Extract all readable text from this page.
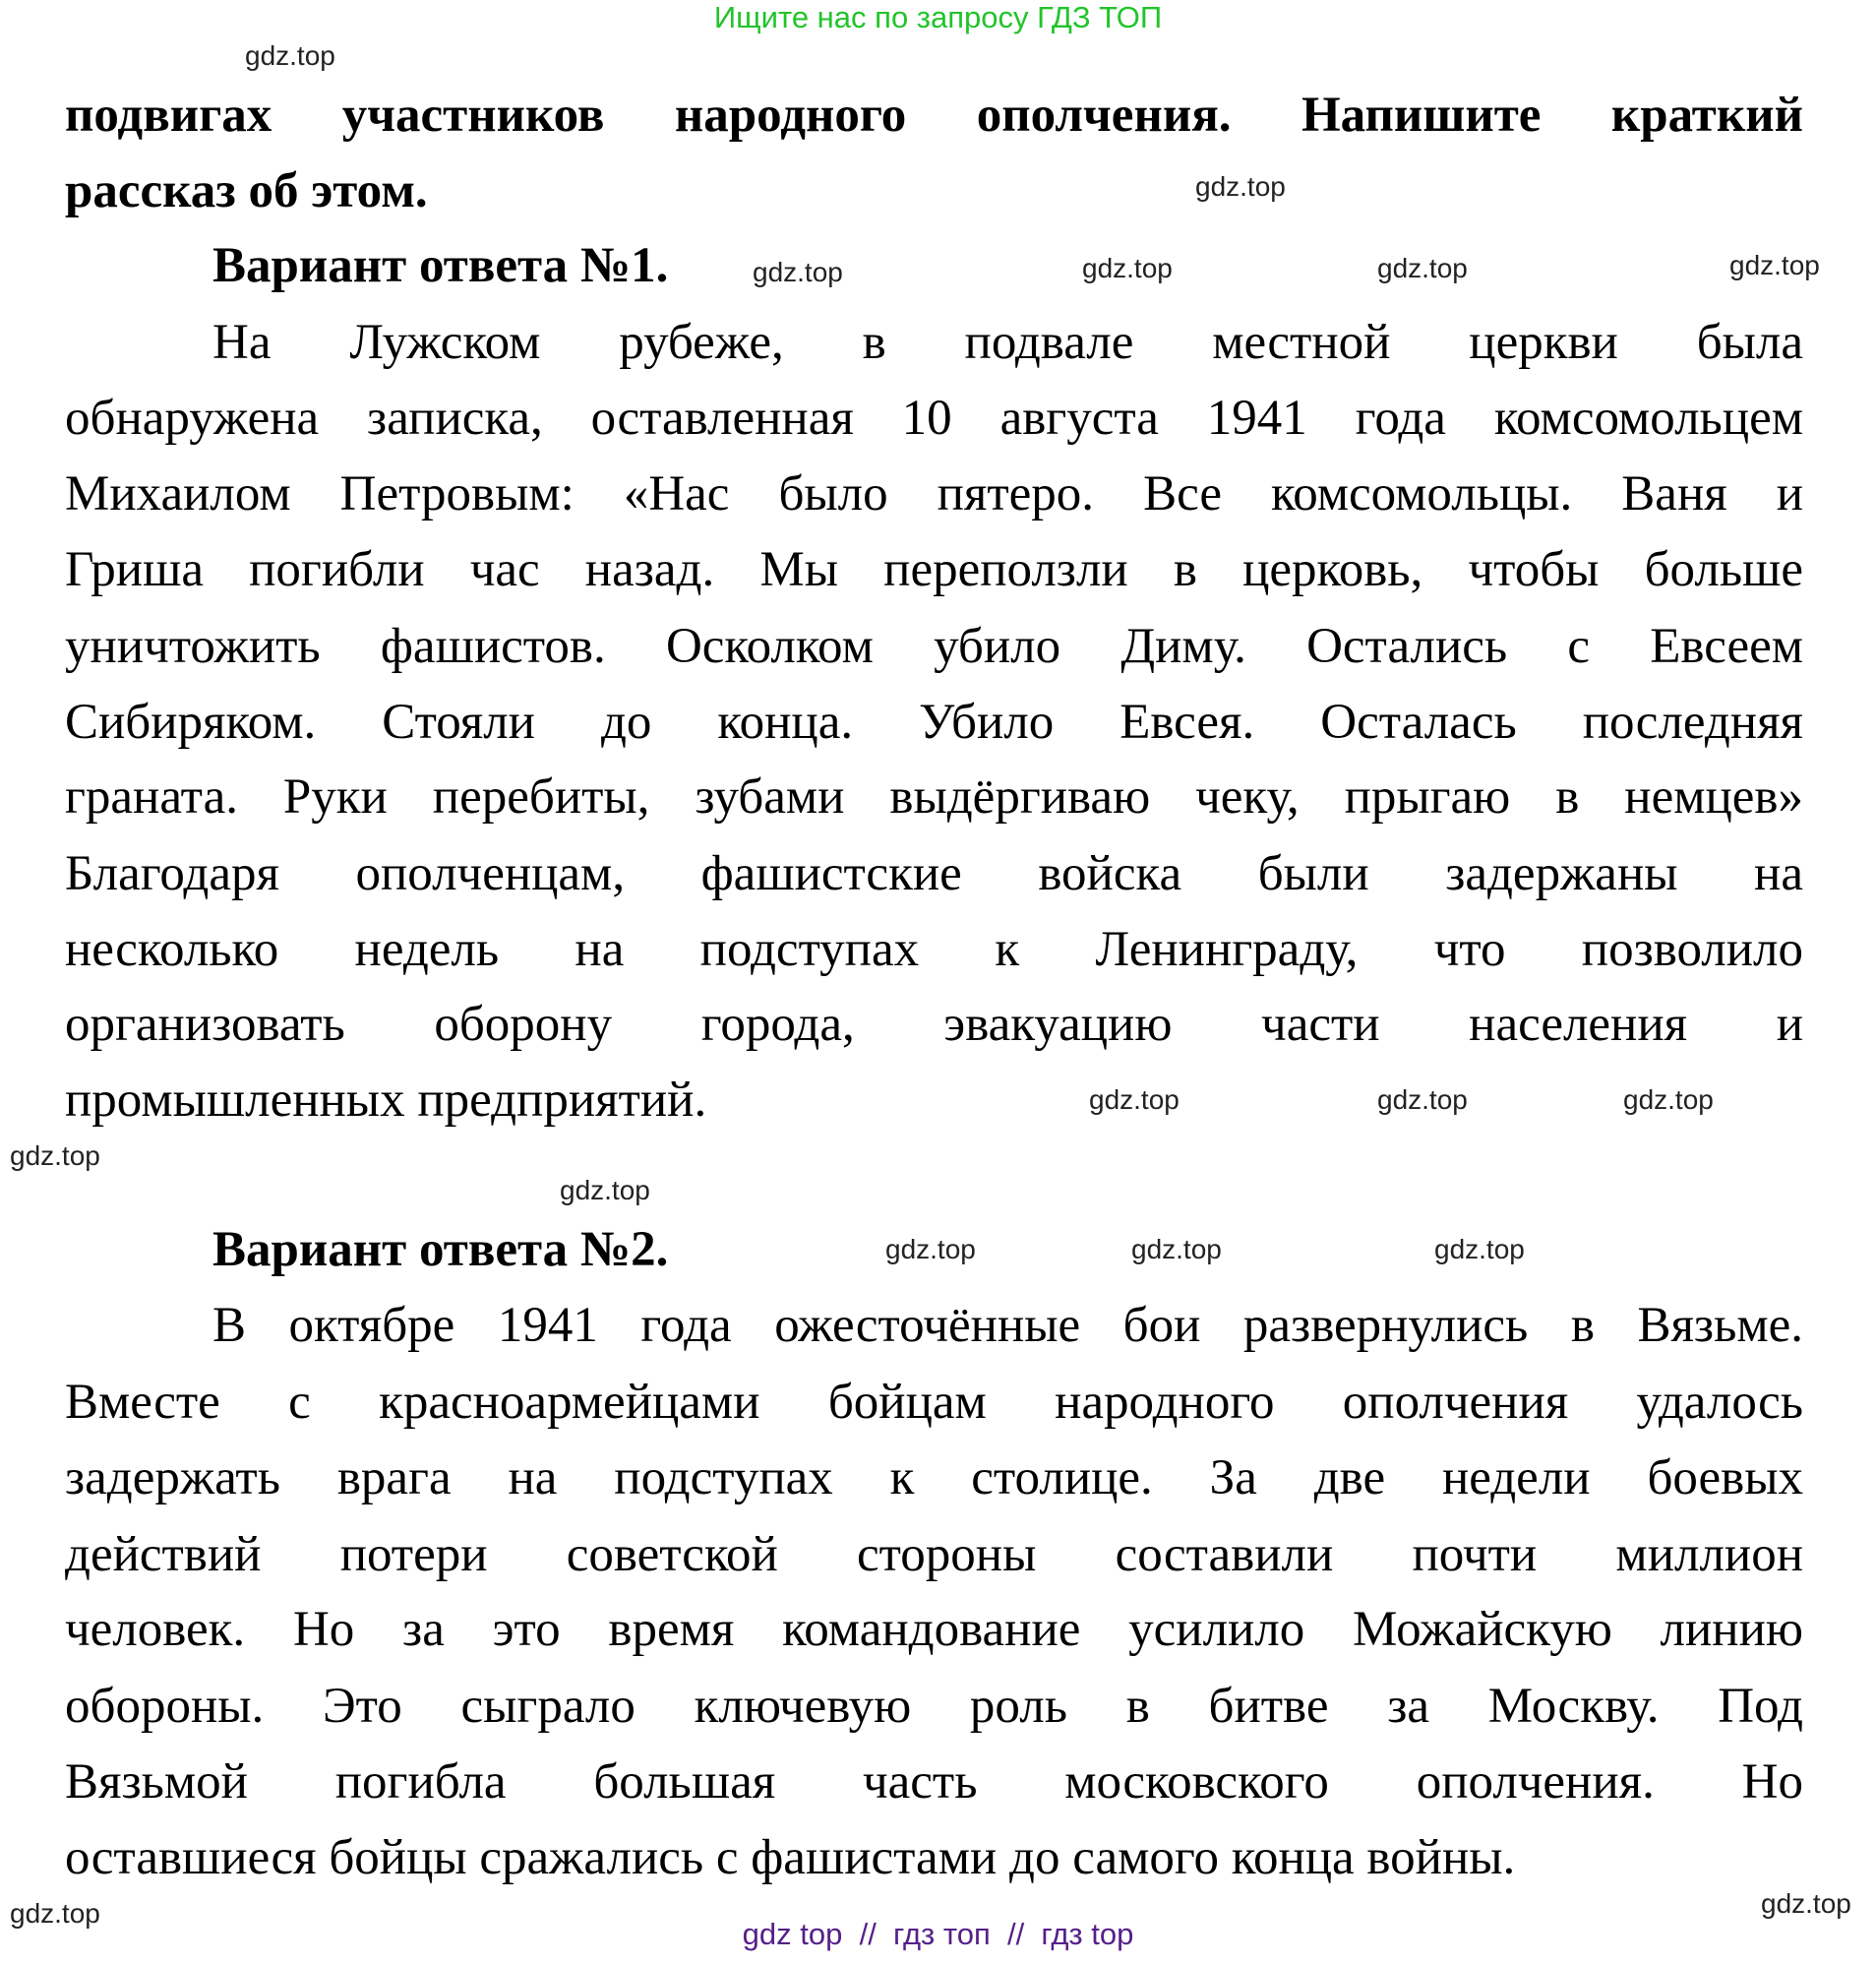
Ищите нас по запросу ГДЗ ТОП
подвигах участников народного ополчения. Напишите краткий
рассказ об этом.
Вариант ответа №1.
На Лужском рубеже, в подвале местной церкви была
обнаружена записка, оставленная 10 августа 1941 года комсомольцем
Михаилом Петровым: «Нас было пятеро. Все комсомольцы. Ваня и
Гриша погибли час назад. Мы переползли в церковь, чтобы больше
уничтожить фашистов. Осколком убило Диму. Остались с Евсеем
Сибиряком. Стояли до конца. Убило Евсея. Осталась последняя
граната. Руки перебиты, зубами выдёргиваю чеку, прыгаю в немцев»
Благодаря ополченцам, фашистские войска были задержаны на
несколько недель на подступах к Ленинграду, что позволило
организовать оборону города, эвакуацию части населения и
промышленных предприятий.
Вариант ответа №2.
В октябре 1941 года ожесточённые бои развернулись в Вязьме.
Вместе с красноармейцами бойцам народного ополчения удалось
задержать врага на подступах к столице. За две недели боевых
действий потери советской стороны составили почти миллион
человек. Но за это время командование усилило Можайскую линию
обороны. Это сыграло ключевую роль в битве за Москву. Под
Вязьмой погибла большая часть московского ополчения. Но
оставшиеся бойцы сражались с фашистами до самого конца войны.
gdz.top
gdz.top
gdz.top
gdz.top	gdz.top	gdz.top
gdz.top	gdz.top
gdz.top
gdz.top
gdz.top
gdz.top
gdz.top	gdz.top
gdz.top	gdz.top
gdz top  //  гдз топ  //  гдз top
